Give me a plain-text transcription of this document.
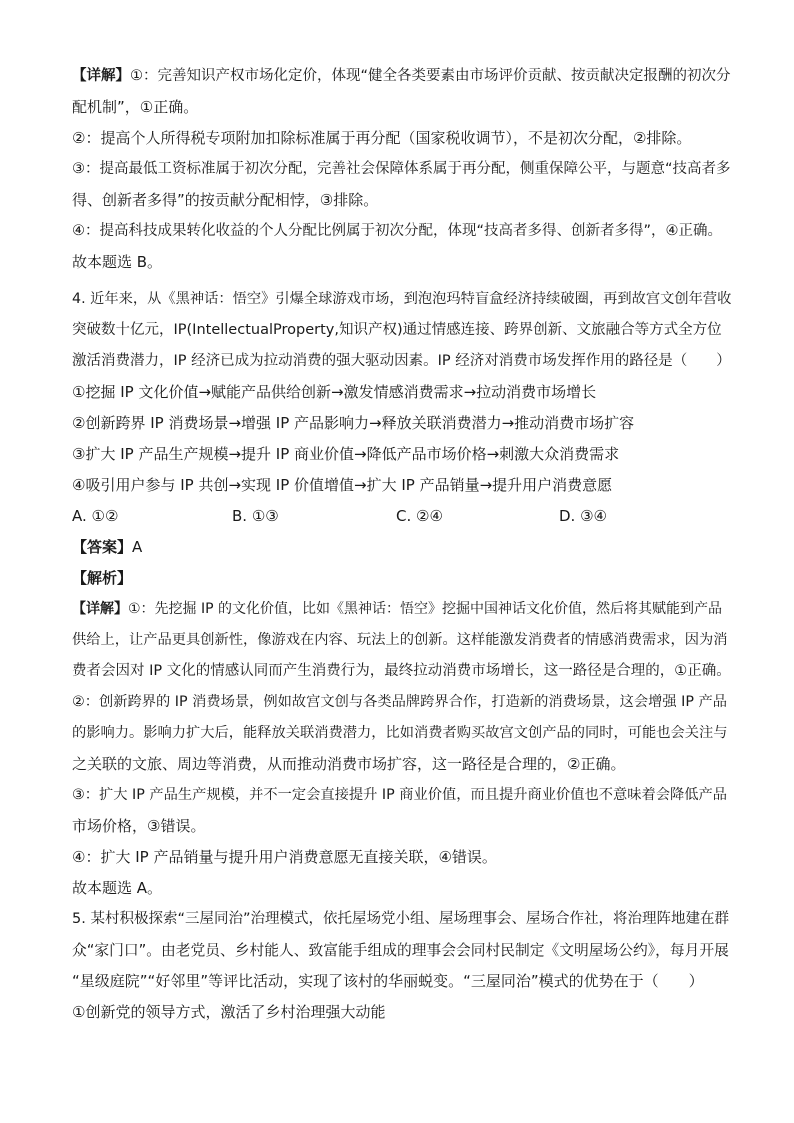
【详解】①：完善知识产权市场化定价，体现“健全各类要素由市场评价贡献、按贡献决定报酬的初次分
配机制”，①正确。
②：提高个人所得税专项附加扣除标准属于再分配（国家税收调节），不是初次分配，②排除。
③：提高最低工资标准属于初次分配，完善社会保障体系属于再分配，侧重保障公平，与题意“技高者多
得、创新者多得”的按贡献分配相悖，③排除。
④：提高科技成果转化收益的个人分配比例属于初次分配，体现“技高者多得、创新者多得”，④正确。
故本题选 B。
4. 近年来，从《黑神话：悟空》引爆全球游戏市场，到泡泡玛特盲盒经济持续破圈，再到故宫文创年营收
突破数十亿元，IP(IntellectualProperty,知识产权)通过情感连接、跨界创新、文旅融合等方式全方位
激活消费潜力，IP 经济已成为拉动消费的强大驱动因素。IP 经济对消费市场发挥作用的路径是（　　）
①挖掘 IP 文化价值→赋能产品供给创新→激发情感消费需求→拉动消费市场增长
②创新跨界 IP 消费场景→增强 IP 产品影响力→释放关联消费潜力→推动消费市场扩容
③扩大 IP 产品生产规模→提升 IP 商业价值→降低产品市场价格→刺激大众消费需求
④吸引用户参与 IP 共创→实现 IP 价值增值→扩大 IP 产品销量→提升用户消费意愿
A. ①②	B. ①③	C. ②④	D. ③④
【答案】A
【解析】
【详解】①：先挖掘 IP 的文化价值，比如《黑神话：悟空》挖掘中国神话文化价值，然后将其赋能到产品
供给上，让产品更具创新性，像游戏在内容、玩法上的创新。这样能激发消费者的情感消费需求，因为消
费者会因对 IP 文化的情感认同而产生消费行为，最终拉动消费市场增长，这一路径是合理的，①正确。
②：创新跨界的 IP 消费场景，例如故宫文创与各类品牌跨界合作，打造新的消费场景，这会增强 IP 产品
的影响力。影响力扩大后，能释放关联消费潜力，比如消费者购买故宫文创产品的同时，可能也会关注与
之关联的文旅、周边等消费，从而推动消费市场扩容，这一路径是合理的，②正确。
③：扩大 IP 产品生产规模，并不一定会直接提升 IP 商业价值，而且提升商业价值也不意味着会降低产品
市场价格，③错误。
④：扩大 IP 产品销量与提升用户消费意愿无直接关联，④错误。
故本题选 A。
5. 某村积极探索“三屋同治”治理模式，依托屋场党小组、屋场理事会、屋场合作社，将治理阵地建在群
众“家门口”。由老党员、乡村能人、致富能手组成的理事会会同村民制定《文明屋场公约》，每月开展
“星级庭院”“好邻里”等评比活动，实现了该村的华丽蜕变。“三屋同治”模式的优势在于（　　）
①创新党的领导方式，激活了乡村治理强大动能
